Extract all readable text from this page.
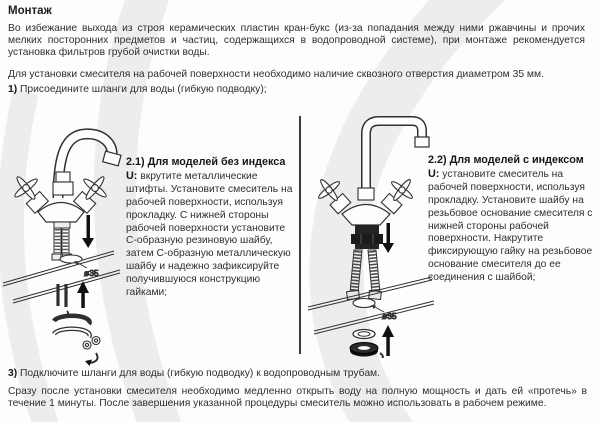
Монтаж

Во избежание выхода из строя керамических пластин кран-букс (из-за попадания между ними ржавчины и прочих мелких посторонних предметов и частиц, содержащихся в водопроводной системе), при монтаже рекомендуется установка фильтров грубой очистки воды.

Для установки смесителя на рабочей поверхности необходимо наличие сквозного отверстия диаметром 35 мм.

1) Присоедините шланги для воды (гибкую подводку);

ø35

2.1) Для моделей без индекса U: вкрутите металлические штифты. Установите смеситель на рабочей поверхности, используя прокладку. С нижней стороны рабочей поверхности установите С-образную резиновую шайбу, затем С-образную металлическую шайбу и надежно зафиксируйте получившуюся конструкцию гайками;

ø35

2.2) Для моделей с индексом U: установите смеситель на рабочей поверхности, используя прокладку. Установите шайбу на резьбовое основание смесителя с нижней стороны рабочей поверхности. Накрутите фиксирующую гайку на резьбовое основание смесителя до ее соединения с шайбой;

3) Подключите шланги для воды (гибкую подводку) к водопроводным трубам.

Сразу после установки смесителя необходимо медленно открыть воду на полную мощность и дать ей «протечь» в течение 1 минуты. После завершения указанной процедуры смеситель можно использовать в рабочем режиме.
